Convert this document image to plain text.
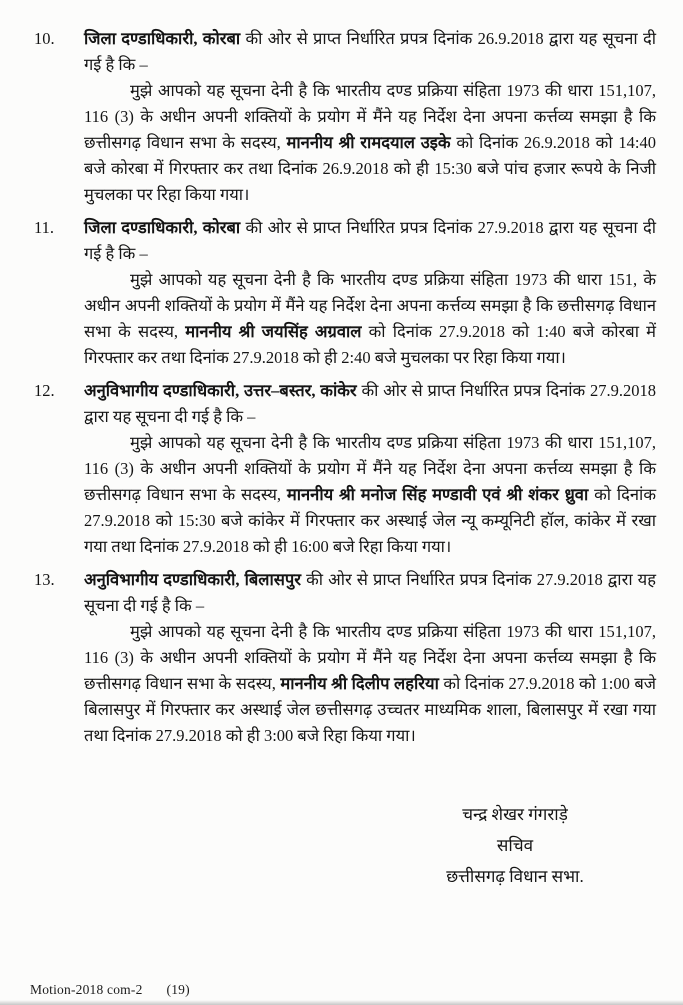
10.	जिला दण्डाधिकारी, कोरबा की ओर से प्राप्त निर्धारित प्रपत्र दिनांक 26.9.2018 द्वारा यह सूचना दी गई है कि –

मुझे आपको यह सूचना देनी है कि भारतीय दण्ड प्रक्रिया संहिता 1973 की धारा 151,107, 116 (3) के अधीन अपनी शक्तियों के प्रयोग में मैंने यह निर्देश देना अपना कर्त्तव्य समझा है कि छत्तीसगढ़ विधान सभा के सदस्य, माननीय श्री रामदयाल उइके को दिनांक 26.9.2018 को 14:40 बजे कोरबा में गिरफ्तार कर तथा दिनांक 26.9.2018 को ही 15:30 बजे पांच हजार रूपये के निजी मुचलका पर रिहा किया गया।

11.	जिला दण्डाधिकारी, कोरबा की ओर से प्राप्त निर्धारित प्रपत्र दिनांक 27.9.2018 द्वारा यह सूचना दी गई है कि –

मुझे आपको यह सूचना देनी है कि भारतीय दण्ड प्रक्रिया संहिता 1973 की धारा 151, के अधीन अपनी शक्तियों के प्रयोग में मैंने यह निर्देश देना अपना कर्त्तव्य समझा है कि छत्तीसगढ़ विधान सभा के सदस्य, माननीय श्री जयसिंह अग्रवाल को दिनांक 27.9.2018 को 1:40 बजे कोरबा में गिरफ्तार कर तथा दिनांक 27.9.2018 को ही 2:40 बजे मुचलका पर रिहा किया गया।

12.	अनुविभागीय दण्डाधिकारी, उत्तर–बस्तर, कांकेर की ओर से प्राप्त निर्धारित प्रपत्र दिनांक 27.9.2018 द्वारा यह सूचना दी गई है कि –

मुझे आपको यह सूचना देनी है कि भारतीय दण्ड प्रक्रिया संहिता 1973 की धारा 151,107, 116 (3) के अधीन अपनी शक्तियों के प्रयोग में मैंने यह निर्देश देना अपना कर्त्तव्य समझा है कि छत्तीसगढ़ विधान सभा के सदस्य, माननीय श्री मनोज सिंह मण्डावी एवं श्री शंकर ध्रुवा को दिनांक 27.9.2018 को 15:30 बजे कांकेर में गिरफ्तार कर अस्थाई जेल न्यू कम्यूनिटी हॉल, कांकेर में रखा गया तथा दिनांक 27.9.2018 को ही 16:00 बजे रिहा किया गया।

13.	अनुविभागीय दण्डाधिकारी, बिलासपुर की ओर से प्राप्त निर्धारित प्रपत्र दिनांक 27.9.2018 द्वारा यह सूचना दी गई है कि –

मुझे आपको यह सूचना देनी है कि भारतीय दण्ड प्रक्रिया संहिता 1973 की धारा 151,107, 116 (3) के अधीन अपनी शक्तियों के प्रयोग में मैंने यह निर्देश देना अपना कर्त्तव्य समझा है कि छत्तीसगढ़ विधान सभा के सदस्य, माननीय श्री दिलीप लहरिया को दिनांक 27.9.2018 को 1:00 बजे बिलासपुर में गिरफ्तार कर अस्थाई जेल छत्तीसगढ़ उच्चतर माध्यमिक शाला, बिलासपुर में रखा गया तथा दिनांक 27.9.2018 को ही 3:00 बजे रिहा किया गया।

चन्द्र शेखर गंगराड़े
सचिव
छत्तीसगढ़ विधान सभा.
Motion-2018 com-2 (19)
